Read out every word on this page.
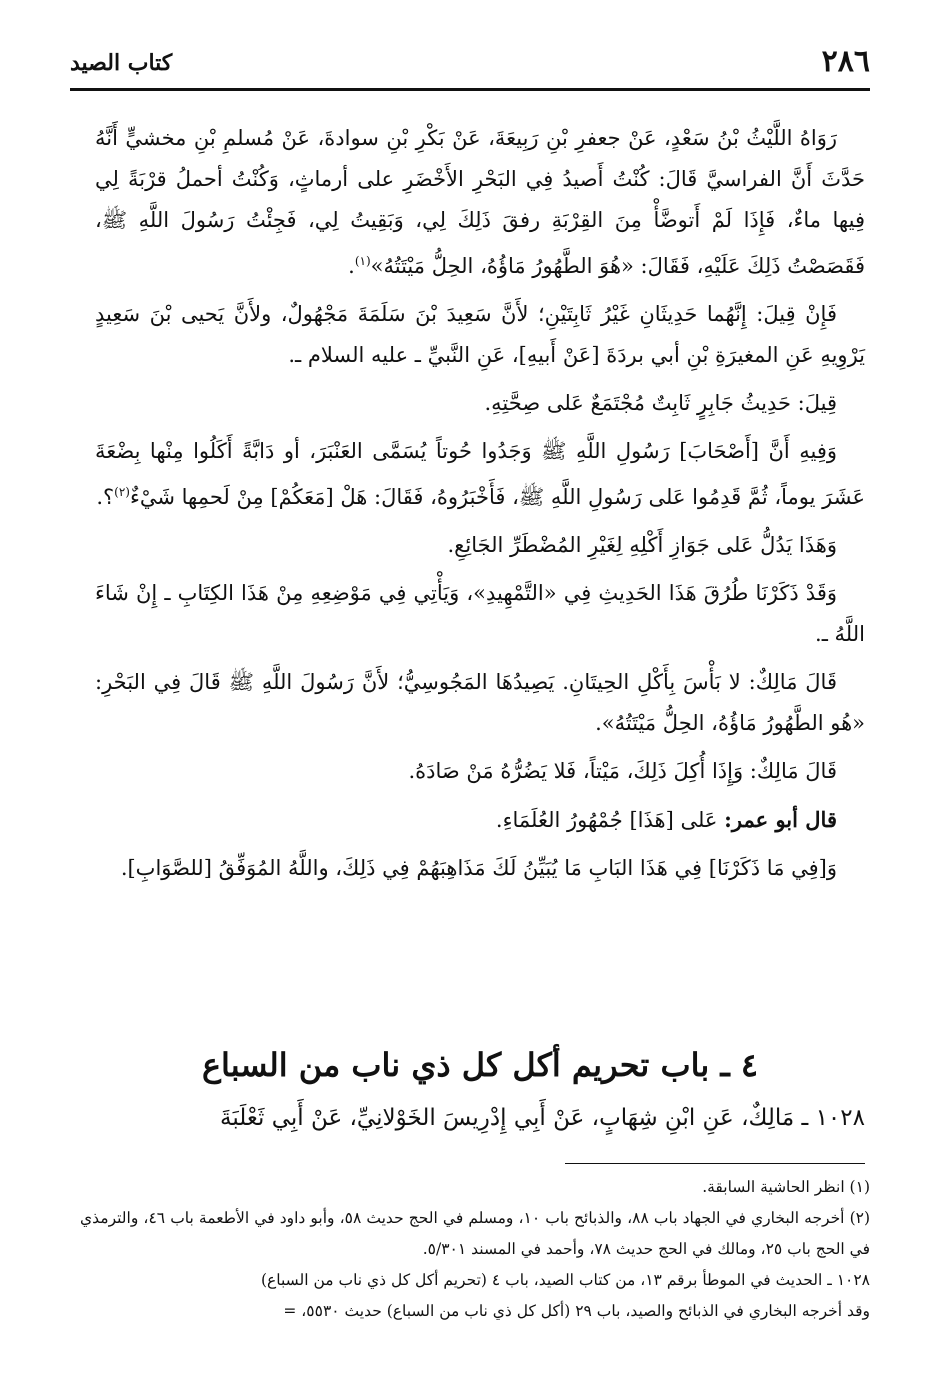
٢٨٦
كتاب الصيد

رَوَاهُ اللَّيْثُ بْنُ سَعْدٍ، عَنْ جعفرِ بْنِ رَبِيعَةَ، عَنْ بَكْرِ بْنِ سوادةَ، عَنْ مُسلمِ بْنِ مخشيٍّ أَنَّهُ حَدَّثَ أَنَّ الفراسيَّ قَالَ: كُنْتُ أَصيدُ فِي البَحْرِ الأَخْضَرِ على أرماثٍ، وَكُنْتُ أحملُ قرْبَةً لِي فِيها ماءٌ، فَإِذَا لَمْ أَتوضَّأْ مِنَ القِرْبَةِ رفقَ ذَلِكَ لِي، وَبَقِيتُ لِي، فَجِئْتُ رَسُولَ اللَّهِ ﷺ، فَقَصَصْتُ ذَلِكَ عَلَيْهِ، فَقَالَ: «هُوَ الطَّهُورُ مَاؤُهُ، الحِلُّ مَيْتَتُهُ»$^{(١)}$.

فَإِنْ قِيلَ: إِنَّهُما حَدِيثَانِ غَيْرُ ثَابِتَيْنِ؛ لأَنَّ سَعِيدَ بْنَ سَلَمَةَ مَجْهُولٌ، ولأَنَّ يَحيى بْنَ سَعِيدٍ يَرْوِيهِ عَنِ المغيرَةِ بْنِ أبي بردَةَ [عَنْ أَبيهِ]، عَنِ النَّبيِّ ـ عليه السلام ـ.

قِيلَ: حَدِيثُ جَابِرٍ ثَابِتٌ مُجْتَمَعٌ عَلى صِحَّتِهِ.

وَفِيهِ أَنَّ [أَصْحَابَ] رَسُولِ اللَّهِ ﷺ وَجَدُوا حُوتاً يُسَمَّى العَنْبَرَ، أو دَابَّةً أَكَلُوا مِنْها بِضْعَةَ عَشَرَ يوماً، ثُمَّ قَدِمُوا عَلى رَسُولِ اللَّهِ ﷺ، فَأَخْبَرُوهُ، فَقَالَ: هَلْ [مَعَكُمْ] مِنْ لَحمِها شَيْءٌ$^{(٢)}$؟.

وَهَذَا يَدُلُّ عَلى جَوَازِ أَكْلِهِ لِغَيْرِ المُضْطَرِّ الجَائِعِ.

وَقَدْ ذَكَرْنَا طُرُقَ هَذَا الحَدِيثِ فِي «التَّمْهِيدِ»، وَيَأْتِي فِي مَوْضِعِهِ مِنْ هَذَا الكِتَابِ ـ إِنْ شَاءَ اللَّهُ ـ.

قَالَ مَالِكٌ: لا بَأْسَ بِأَكْلِ الحِيتَانِ. يَصِيدُهَا المَجُوسِيُّ؛ لأَنَّ رَسُولَ اللَّهِ ﷺ قَالَ فِي البَحْرِ: «هُو الطَّهُورُ مَاؤُهُ، الحِلُّ مَيْتَتُهُ».

قَالَ مَالِكٌ: وَإِذَا أُكِلَ ذَلِكَ، مَيْتاً، فَلا يَضُرُّهُ مَنْ صَادَهُ.

قال أبو عمر: عَلى [هَذَا] جُمْهُورُ العُلَمَاءِ.

وَ[فِي مَا ذَكَرْنَا] فِي هَذَا البَابِ مَا يُبَيِّنُ لَكَ مَذَاهِبَهُمْ فِي ذَلِكَ، واللَّهُ المُوَفِّقُ [للصَّوَابِ].

٤ ـ باب تحريم أكل كل ذي ناب من السباع
١٠٢٨ ـ مَالِكٌ، عَنِ ابْنِ شِهَابٍ، عَنْ أَبِي إِدْرِيسَ الخَوْلانِيِّ، عَنْ أَبِي ثَعْلَبَةَ

(١) انظر الحاشية السابقة.

(٢) أخرجه البخاري في الجهاد باب ٨٨، والذبائح باب ١٠، ومسلم في الحج حديث ٥٨، وأبو داود في الأطعمة باب ٤٦، والترمذي في الحج باب ٢٥، ومالك في الحج حديث ٧٨، وأحمد في المسند ٥/٣٠١.

١٠٢٨ ـ الحديث في الموطأ برقم ١٣، من كتاب الصيد، باب ٤ (تحريم أكل كل ذي ناب من السباع)

وقد أخرجه البخاري في الذبائح والصيد، باب ٢٩ (أكل كل ذي ناب من السباع) حديث ٥٥٣٠، =
